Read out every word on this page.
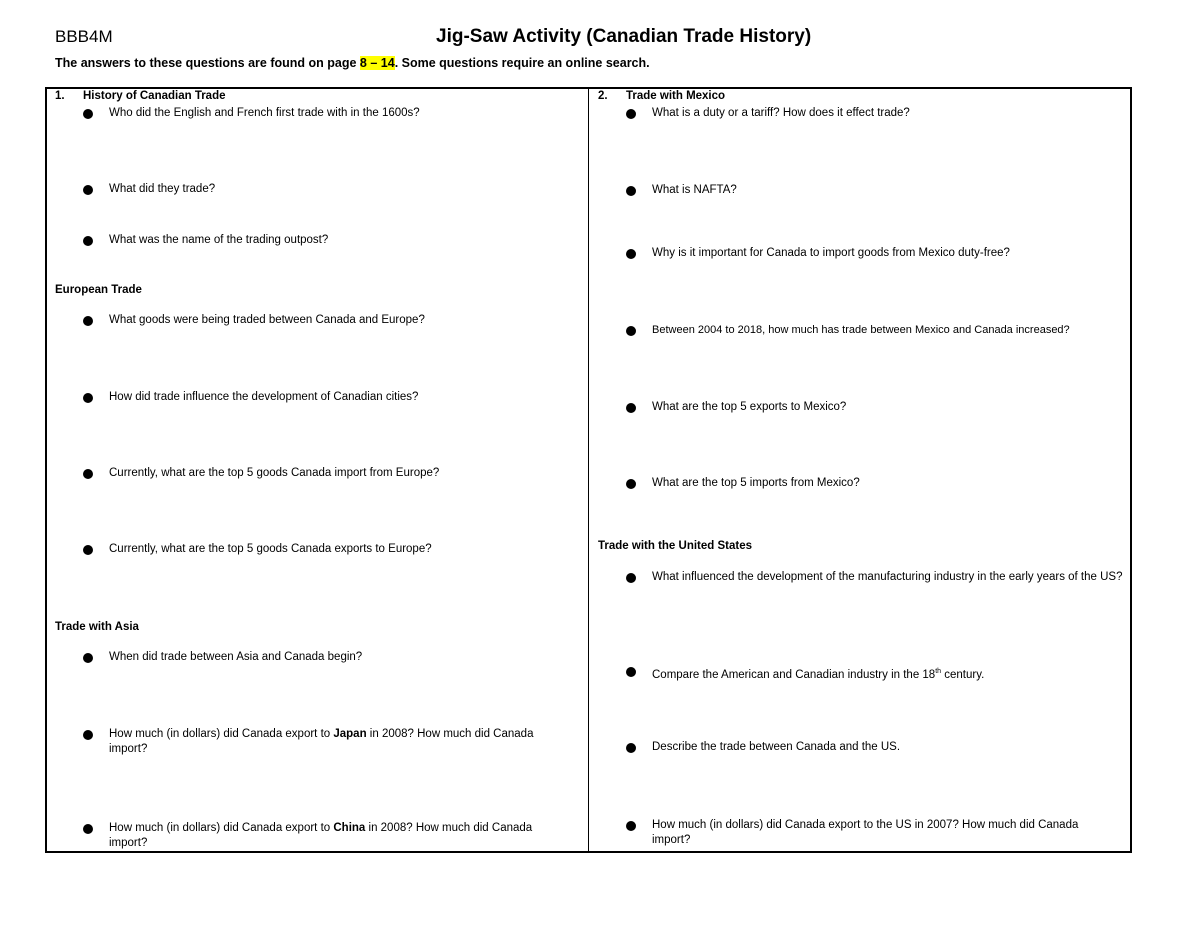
BBB4M	Jig-Saw Activity (Canadian Trade History)
The answers to these questions are found on page 8 – 14. Some questions require an online search.
1. History of Canadian Trade
Who did the English and French first trade with in the 1600s?
What did they trade?
What was the name of the trading outpost?
European Trade
What goods were being traded between Canada and Europe?
How did trade influence the development of Canadian cities?
Currently, what are the top 5 goods Canada import from Europe?
Currently, what are the top 5 goods Canada exports to Europe?
Trade with Asia
When did trade between Asia and Canada begin?
How much (in dollars) did Canada export to Japan in 2008? How much did Canada import?
How much (in dollars) did Canada export to China in 2008? How much did Canada import?
2. Trade with Mexico
What is a duty or a tariff? How does it effect trade?
What is NAFTA?
Why is it important for Canada to import goods from Mexico duty-free?
Between 2004 to 2018, how much has trade between Mexico and Canada increased?
What are the top 5 exports to Mexico?
What are the top 5 imports from Mexico?
Trade with the United States
What influenced the development of the manufacturing industry in the early years of the US?
Compare the American and Canadian industry in the 18th century.
Describe the trade between Canada and the US.
How much (in dollars) did Canada export to the US in 2007? How much did Canada import?
